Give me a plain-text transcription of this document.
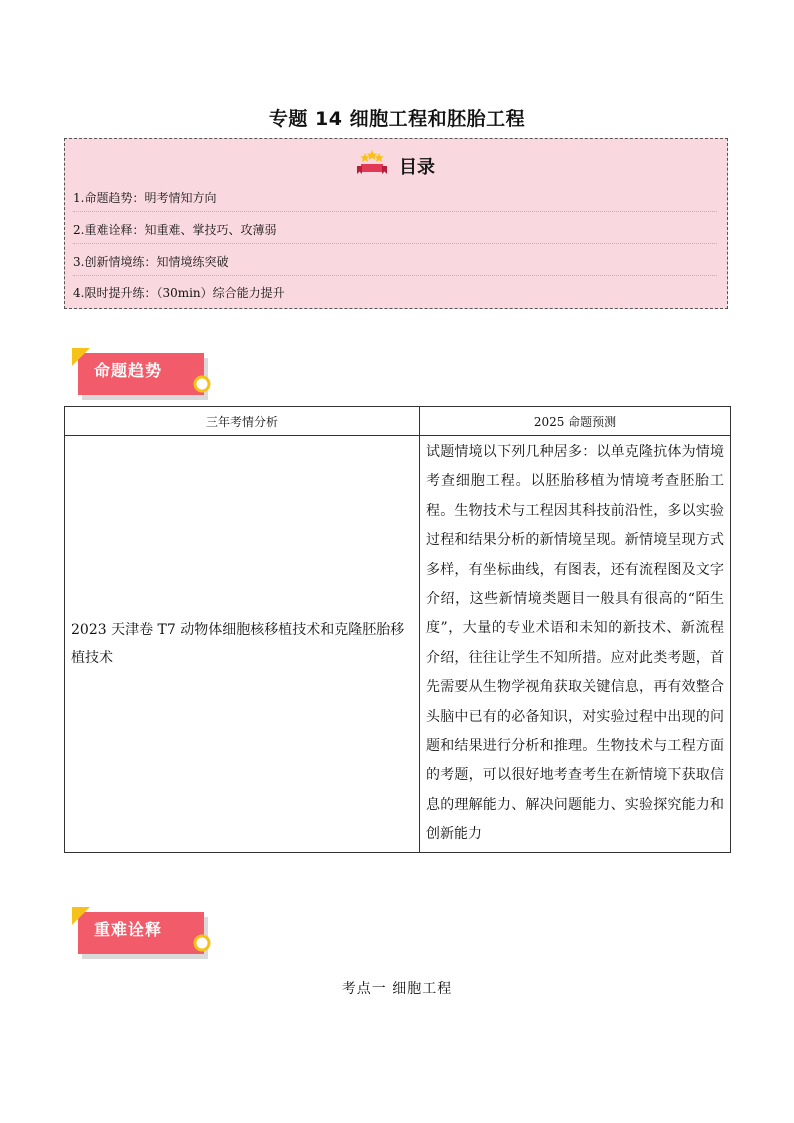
专题 14 细胞工程和胚胎工程
目录
1.命题趋势：明考情知方向
2.重难诠释：知重难、掌技巧、攻薄弱
3.创新情境练：知情境练突破
4.限时提升练：（30min）综合能力提升
命题趋势
三年考情分析	2025 命题预测
2023 天津卷 T7 动物体细胞核移植技术和克隆胚胎移植技术	试题情境以下列几种居多：以单克隆抗体为情境考查细胞工程。以胚胎移植为情境考查胚胎工程。生物技术与工程因其科技前沿性，多以实验过程和结果分析的新情境呈现。新情境呈现方式多样，有坐标曲线，有图表，还有流程图及文字介绍，这些新情境类题目一般具有很高的“陌生度”，大量的专业术语和未知的新技术、新流程介绍，往往让学生不知所措。应对此类考题，首先需要从生物学视角获取关键信息，再有效整合头脑中已有的必备知识，对实验过程中出现的问题和结果进行分析和推理。生物技术与工程方面的考题，可以很好地考查考生在新情境下获取信息的理解能力、解决问题能力、实验探究能力和创新能力
重难诠释
考点一 细胞工程
